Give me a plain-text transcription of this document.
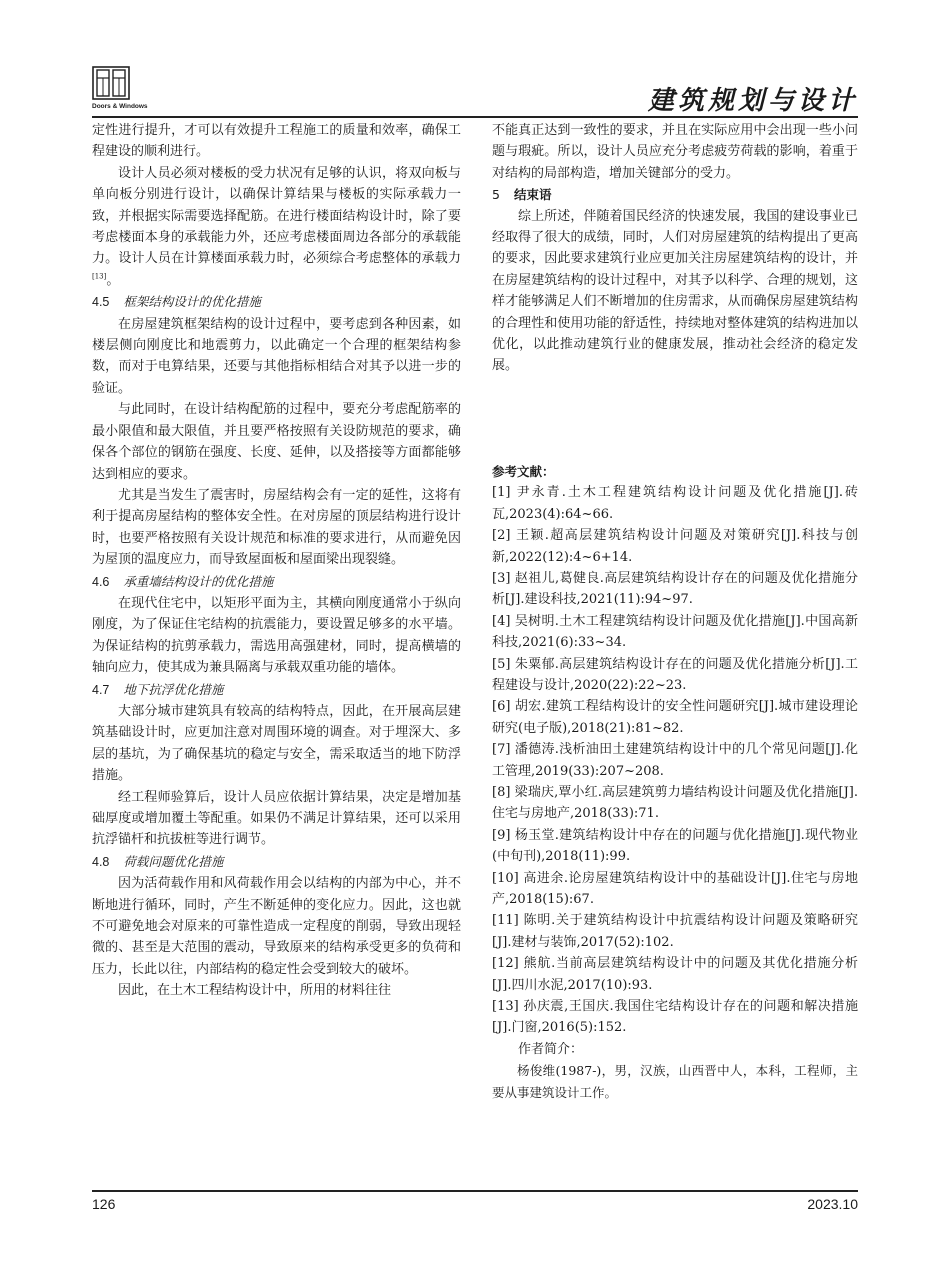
Doors & Windows	建筑规划与设计

定性进行提升，才可以有效提升工程施工的质量和效率，确保工程建设的顺利进行。

设计人员必须对楼板的受力状况有足够的认识，将双向板与单向板分别进行设计，以确保计算结果与楼板的实际承载力一致，并根据实际需要选择配筋。在进行楼面结构设计时，除了要考虑楼面本身的承载能力外，还应考虑楼面周边各部分的承载能力。设计人员在计算楼面承载力时，必须综合考虑整体的承载力[13]。

4.5 框架结构设计的优化措施

在房屋建筑框架结构的设计过程中，要考虑到各种因素，如楼层侧向刚度比和地震剪力，以此确定一个合理的框架结构参数，而对于电算结果，还要与其他指标相结合对其予以进一步的验证。

与此同时，在设计结构配筋的过程中，要充分考虑配筋率的最小限值和最大限值，并且要严格按照有关设防规范的要求，确保各个部位的钢筋在强度、长度、延伸，以及搭接等方面都能够达到相应的要求。

尤其是当发生了震害时，房屋结构会有一定的延性，这将有利于提高房屋结构的整体安全性。在对房屋的顶层结构进行设计时，也要严格按照有关设计规范和标准的要求进行，从而避免因为屋顶的温度应力，而导致屋面板和屋面梁出现裂缝。

4.6 承重墙结构设计的优化措施

在现代住宅中，以矩形平面为主，其横向刚度通常小于纵向刚度，为了保证住宅结构的抗震能力，要设置足够多的水平墙。为保证结构的抗剪承载力，需选用高强建材，同时，提高横墙的轴向应力，使其成为兼具隔离与承载双重功能的墙体。

4.7 地下抗浮优化措施

大部分城市建筑具有较高的结构特点，因此，在开展高层建筑基础设计时，应更加注意对周围环境的调查。对于埋深大、多层的基坑，为了确保基坑的稳定与安全，需采取适当的地下防浮措施。

经工程师验算后，设计人员应依据计算结果，决定是增加基础厚度或增加覆土等配重。如果仍不满足计算结果，还可以采用抗浮锚杆和抗拔桩等进行调节。

4.8 荷载问题优化措施

因为活荷载作用和风荷载作用会以结构的内部为中心，并不断地进行循环，同时，产生不断延伸的变化应力。因此，这也就不可避免地会对原来的可靠性造成一定程度的削弱，导致出现轻微的、甚至是大范围的震动，导致原来的结构承受更多的负荷和压力，长此以往，内部结构的稳定性会受到较大的破坏。

因此，在土木工程结构设计中，所用的材料往往

不能真正达到一致性的要求，并且在实际应用中会出现一些小问题与瑕疵。所以，设计人员应充分考虑疲劳荷载的影响，着重于对结构的局部构造，增加关键部分的受力。

5 结束语

综上所述，伴随着国民经济的快速发展，我国的建设事业已经取得了很大的成绩，同时，人们对房屋建筑的结构提出了更高的要求，因此要求建筑行业应更加关注房屋建筑结构的设计，并在房屋建筑结构的设计过程中，对其予以科学、合理的规划，这样才能够满足人们不断增加的住房需求，从而确保房屋建筑结构的合理性和使用功能的舒适性，持续地对整体建筑的结构进加以优化，以此推动建筑行业的健康发展，推动社会经济的稳定发展。

参考文献：
[1] 尹永青.土木工程建筑结构设计问题及优化措施[J].砖瓦,2023(4):64~66.
[2] 王颖.超高层建筑结构设计问题及对策研究[J].科技与创新,2022(12):4~6+14.
[3] 赵祖儿,葛健良.高层建筑结构设计存在的问题及优化措施分析[J].建设科技,2021(11):94~97.
[4] 吴树明.土木工程建筑结构设计问题及优化措施[J].中国高新科技,2021(6):33~34.
[5] 朱粟郁.高层建筑结构设计存在的问题及优化措施分析[J].工程建设与设计,2020(22):22~23.
[6] 胡宏.建筑工程结构设计的安全性问题研究[J].城市建设理论研究(电子版),2018(21):81~82.
[7] 潘德涛.浅析油田土建建筑结构设计中的几个常见问题[J].化工管理,2019(33):207~208.
[8] 梁瑞庆,覃小红.高层建筑剪力墙结构设计问题及优化措施[J].住宅与房地产,2018(33):71.
[9] 杨玉堂.建筑结构设计中存在的问题与优化措施[J].现代物业(中旬刊),2018(11):99.
[10] 高进余.论房屋建筑结构设计中的基础设计[J].住宅与房地产,2018(15):67.
[11] 陈明.关于建筑结构设计中抗震结构设计问题及策略研究[J].建材与装饰,2017(52):102.
[12] 熊航.当前高层建筑结构设计中的问题及其优化措施分析[J].四川水泥,2017(10):93.
[13] 孙庆震,王国庆.我国住宅结构设计存在的问题和解决措施[J].门窗,2016(5):152.
作者简介：
杨俊维(1987-)，男，汉族，山西晋中人，本科，工程师，主要从事建筑设计工作。
126	2023.10
